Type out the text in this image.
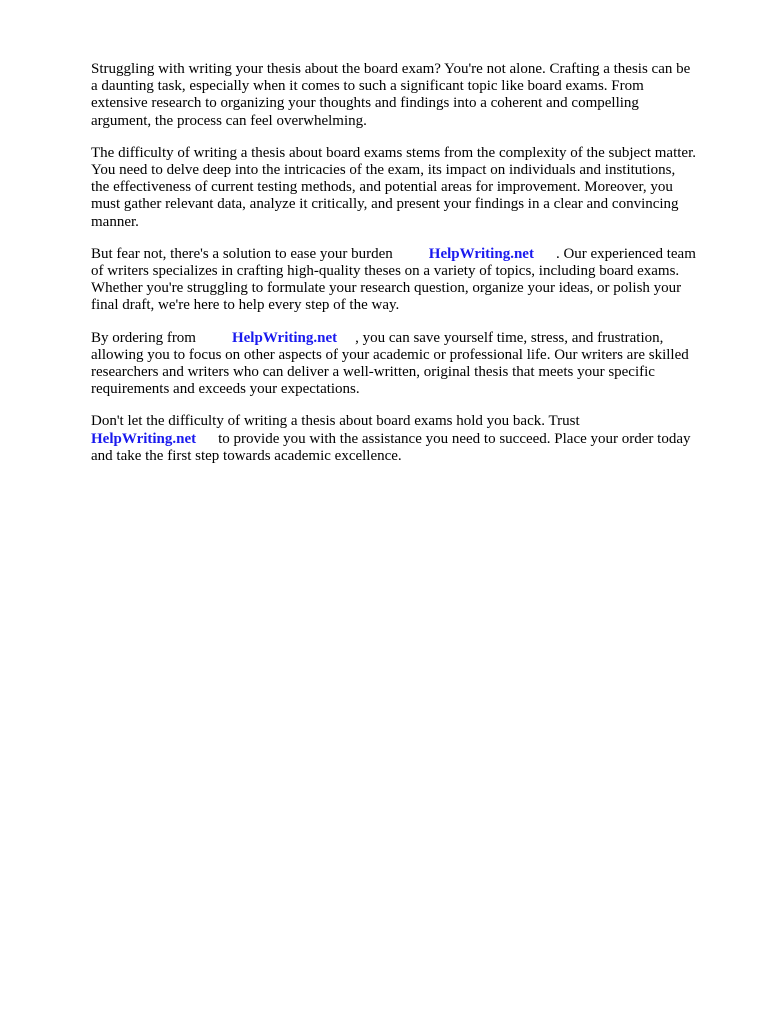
Struggling with writing your thesis about the board exam? You're not alone. Crafting a thesis can be
a daunting task, especially when it comes to such a significant topic like board exams. From
extensive research to organizing your thoughts and findings into a coherent and compelling
argument, the process can feel overwhelming.

The difficulty of writing a thesis about board exams stems from the complexity of the subject matter.
You need to delve deep into the intricacies of the exam, its impact on individuals and institutions,
the effectiveness of current testing methods, and potential areas for improvement. Moreover, you
must gather relevant data, analyze it critically, and present your findings in a clear and convincing
manner.

But fear not, there's a solution to ease your burden HelpWriting.net . Our experienced team
of writers specializes in crafting high-quality theses on a variety of topics, including board exams.
Whether you're struggling to formulate your research question, organize your ideas, or polish your
final draft, we're here to help every step of the way.

By ordering from HelpWriting.net , you can save yourself time, stress, and frustration,
allowing you to focus on other aspects of your academic or professional life. Our writers are skilled
researchers and writers who can deliver a well-written, original thesis that meets your specific
requirements and exceeds your expectations.

Don't let the difficulty of writing a thesis about board exams hold you back. Trust
HelpWriting.net to provide you with the assistance you need to succeed. Place your order today
and take the first step towards academic excellence.
